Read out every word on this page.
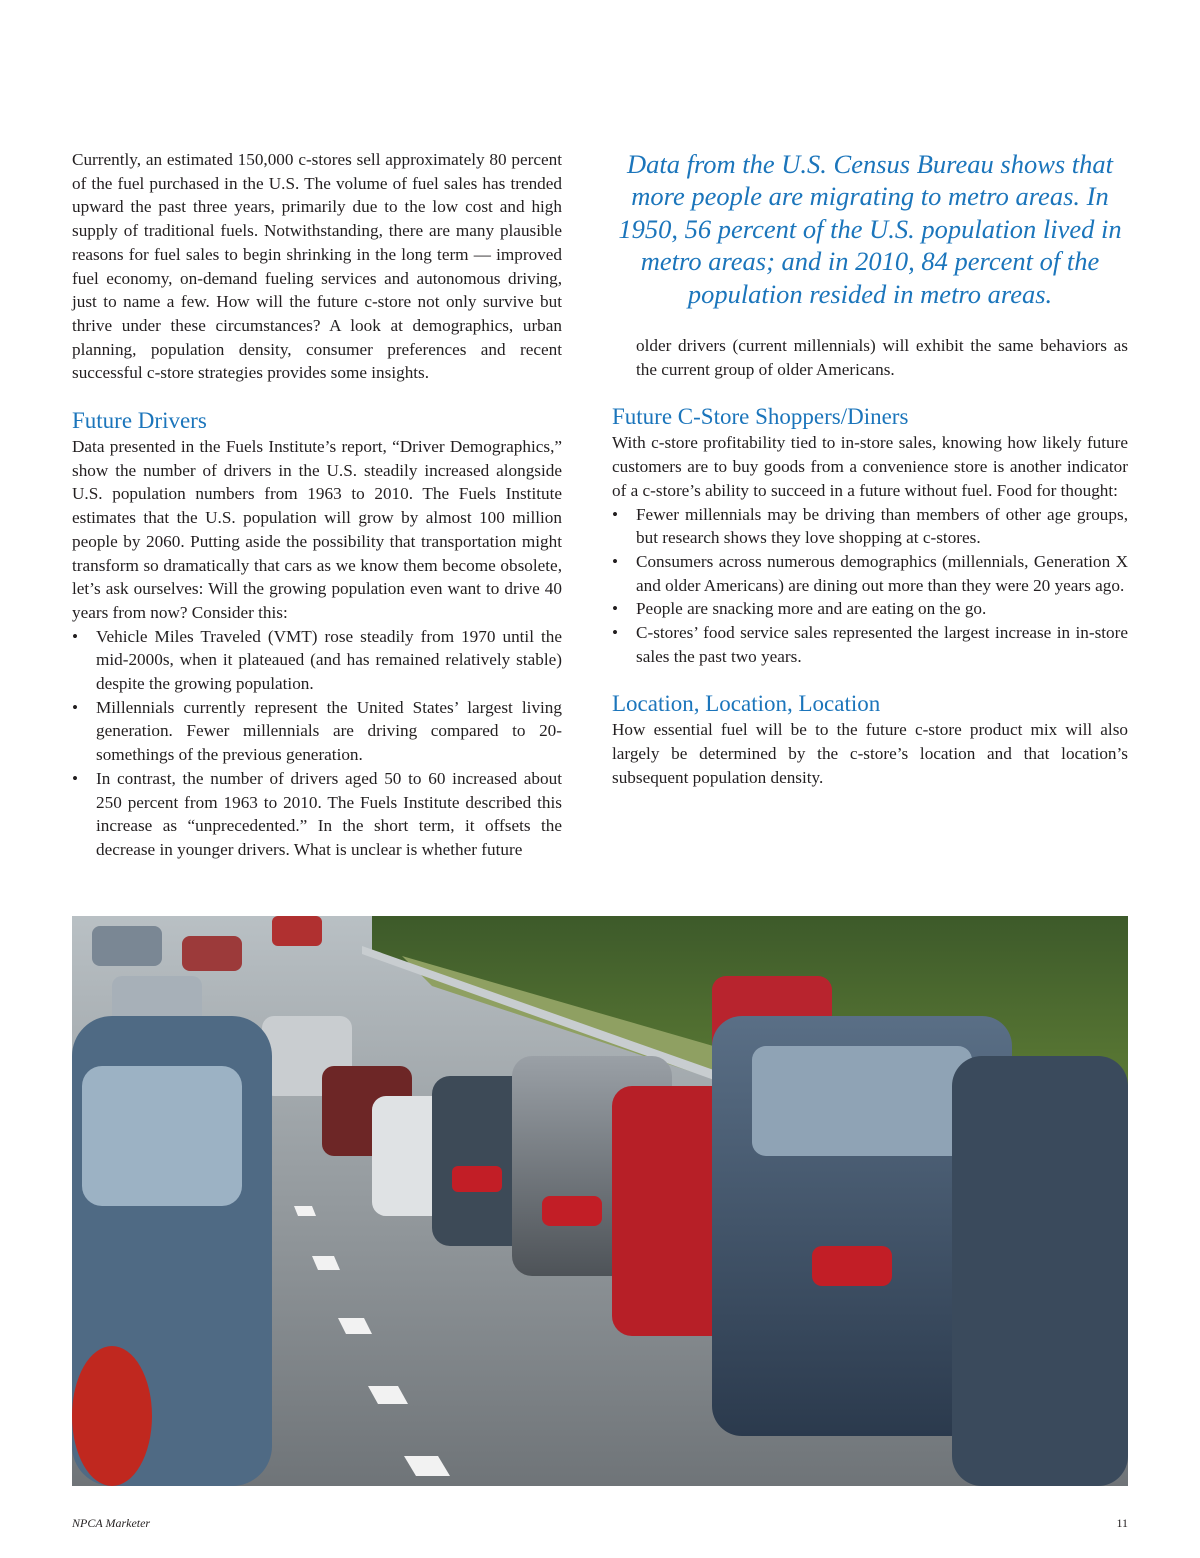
Currently, an estimated 150,000 c-stores sell approximately 80 percent of the fuel purchased in the U.S. The volume of fuel sales has trended upward the past three years, primarily due to the low cost and high supply of traditional fuels. Notwithstanding, there are many plausible reasons for fuel sales to begin shrinking in the long term — improved fuel economy, on-demand fueling services and autonomous driving, just to name a few. How will the future c-store not only survive but thrive under these circumstances? A look at demographics, urban planning, population density, consumer preferences and recent successful c-store strategies provides some insights.

Future Drivers

Data presented in the Fuels Institute’s report, “Driver Demographics,” show the number of drivers in the U.S. steadily increased alongside U.S. population numbers from 1963 to 2010. The Fuels Institute estimates that the U.S. population will grow by almost 100 million people by 2060. Putting aside the possibility that transportation might transform so dramatically that cars as we know them become obsolete, let’s ask ourselves: Will the growing population even want to drive 40 years from now? Consider this:

• Vehicle Miles Traveled (VMT) rose steadily from 1970 until the mid-2000s, when it plateaued (and has remained relatively stable) despite the growing population.
• Millennials currently represent the United States’ largest living generation. Fewer millennials are driving compared to 20-somethings of the previous generation.
• In contrast, the number of drivers aged 50 to 60 increased about 250 percent from 1963 to 2010. The Fuels Institute described this increase as “unprecedented.” In the short term, it offsets the decrease in younger drivers. What is unclear is whether future
Data from the U.S. Census Bureau shows that more people are migrating to metro areas. In 1950, 56 percent of the U.S. population lived in metro areas; and in 2010, 84 percent of the population resided in metro areas.

older drivers (current millennials) will exhibit the same behaviors as the current group of older Americans.

Future C-Store Shoppers/Diners

With c-store profitability tied to in-store sales, knowing how likely future customers are to buy goods from a convenience store is another indicator of a c-store’s ability to succeed in a future without fuel. Food for thought:

• Fewer millennials may be driving than members of other age groups, but research shows they love shopping at c-stores.
• Consumers across numerous demographics (millennials, Generation X and older Americans) are dining out more than they were 20 years ago.
• People are snacking more and are eating on the go.
• C-stores’ food service sales represented the largest increase in in-store sales the past two years.
Location, Location, Location

How essential fuel will be to the future c-store product mix will also largely be determined by the c-store’s location and that location’s subsequent population density.

NPCA Marketer	11
